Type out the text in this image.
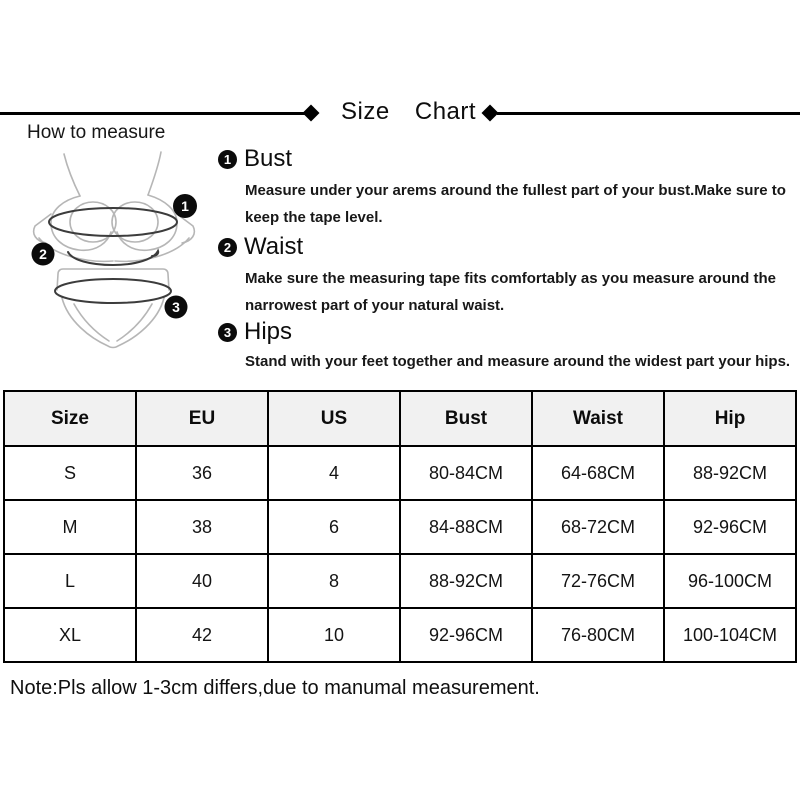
Size Chart
How to measure
1
2
3
1 Bust
Measure under your arems around the fullest part of your bust.Make sure to keep the tape level.
2 Waist
Make sure the measuring tape fits comfortably as you measure around the narrowest part of your natural waist.
3 Hips
Stand with your feet together and measure around the widest part your hips.
Size	EU	US	Bust	Waist	Hip
S	36	4	80-84CM	64-68CM	88-92CM
M	38	6	84-88CM	68-72CM	92-96CM
L	40	8	88-92CM	72-76CM	96-100CM
XL	42	10	92-96CM	76-80CM	100-104CM
Note:Pls allow 1-3cm differs,due to manumal measurement.
